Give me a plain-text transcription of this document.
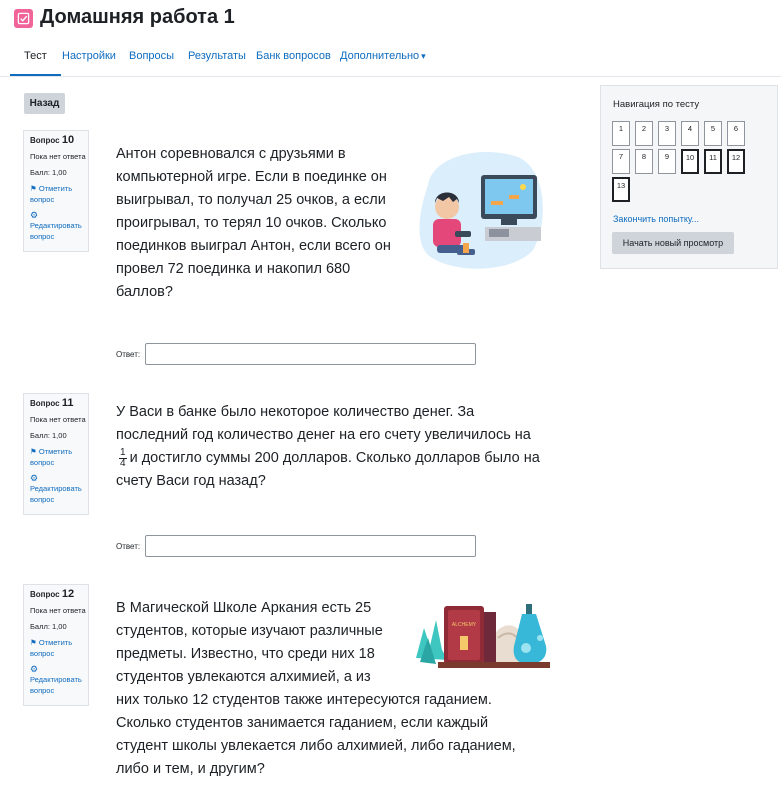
Домашняя работа 1
Тест Настройки Вопросы Результаты Банк вопросов Дополнительно ▾
Назад
Вопрос 10
Пока нет ответа
Балл: 1,00
⚑ Отметить вопрос
⚙
Редактировать вопрос
Антон соревновался с друзьями в
компьютерной игре. Если в поединке он
выигрывал, то получал 25 очков, а если
проигрывал, то терял 10 очков. Сколько
поединков выиграл Антон, если всего он
провел 72 поединка и накопил 680
баллов?
Ответ:
Вопрос 11
Пока нет ответа
Балл: 1,00
⚑ Отметить вопрос
⚙
Редактировать вопрос
У Васи в банке было некоторое количество денег. За
последний год количество денег на его счету увеличилось на
$\frac{1}{4}$ и достигло суммы 200 долларов. Сколько долларов было на
счету Васи год назад?
Ответ:
Вопрос 12
Пока нет ответа
Балл: 1,00
⚑ Отметить вопрос
⚙
Редактировать вопрос
В Магической Школе Аркания есть 25
студентов, которые изучают различные
предметы. Известно, что среди них 18
студентов увлекаются алхимией, а из
них только 12 студентов также интересуются гаданием.
Сколько студентов занимается гаданием, если каждый
студент школы увлекается либо алхимией, либо гаданием,
либо и тем, и другим?
ALCHEMY
Навигация по тесту
1	2	3	4	5	6
7	8	9	10	11	12
13
Закончить попытку...
Начать новый просмотр
